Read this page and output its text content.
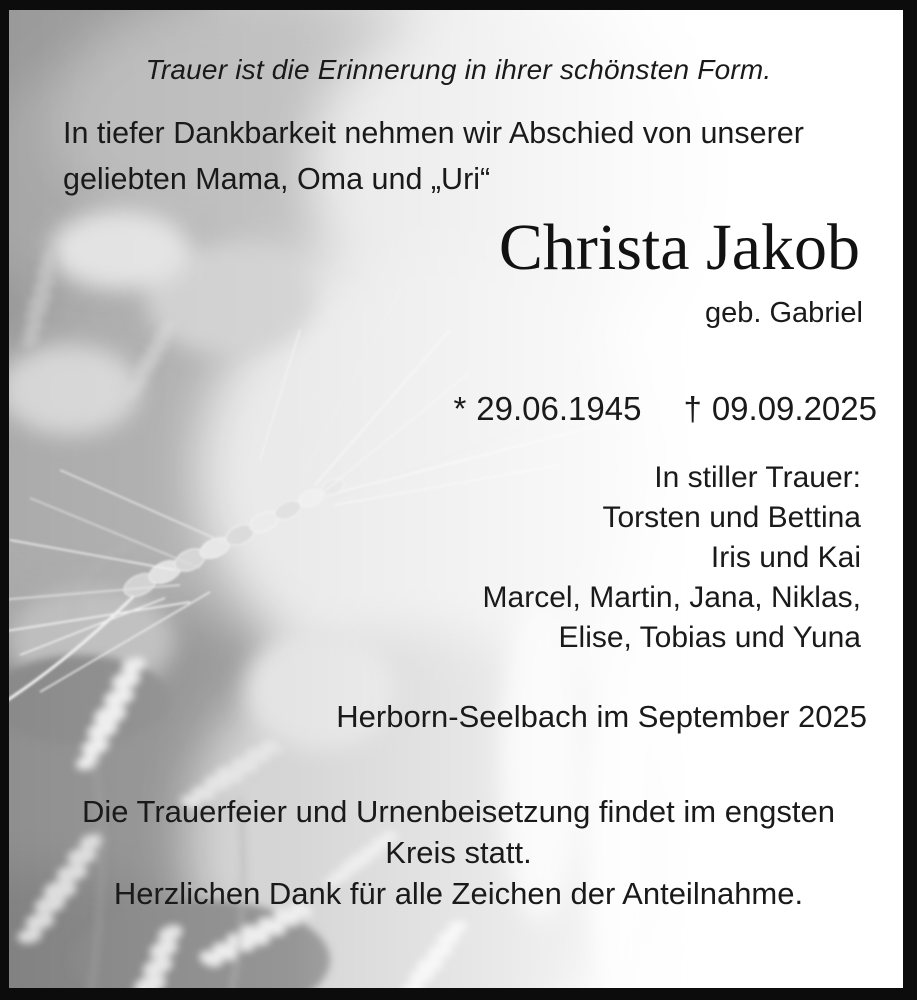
Trauer ist die Erinnerung in ihrer schönsten Form.
In tiefer Dankbarkeit nehmen wir Abschied von unserer
geliebten Mama, Oma und „Uri“
Christa Jakob
geb. Gabriel
* 29.06.1945 † 09.09.2025
In stiller Trauer:
Torsten und Bettina
Iris und Kai
Marcel, Martin, Jana, Niklas,
Elise, Tobias und Yuna
Herborn-Seelbach im September 2025
Die Trauerfeier und Urnenbeisetzung findet im engsten
Kreis statt.
Herzlichen Dank für alle Zeichen der Anteilnahme.
